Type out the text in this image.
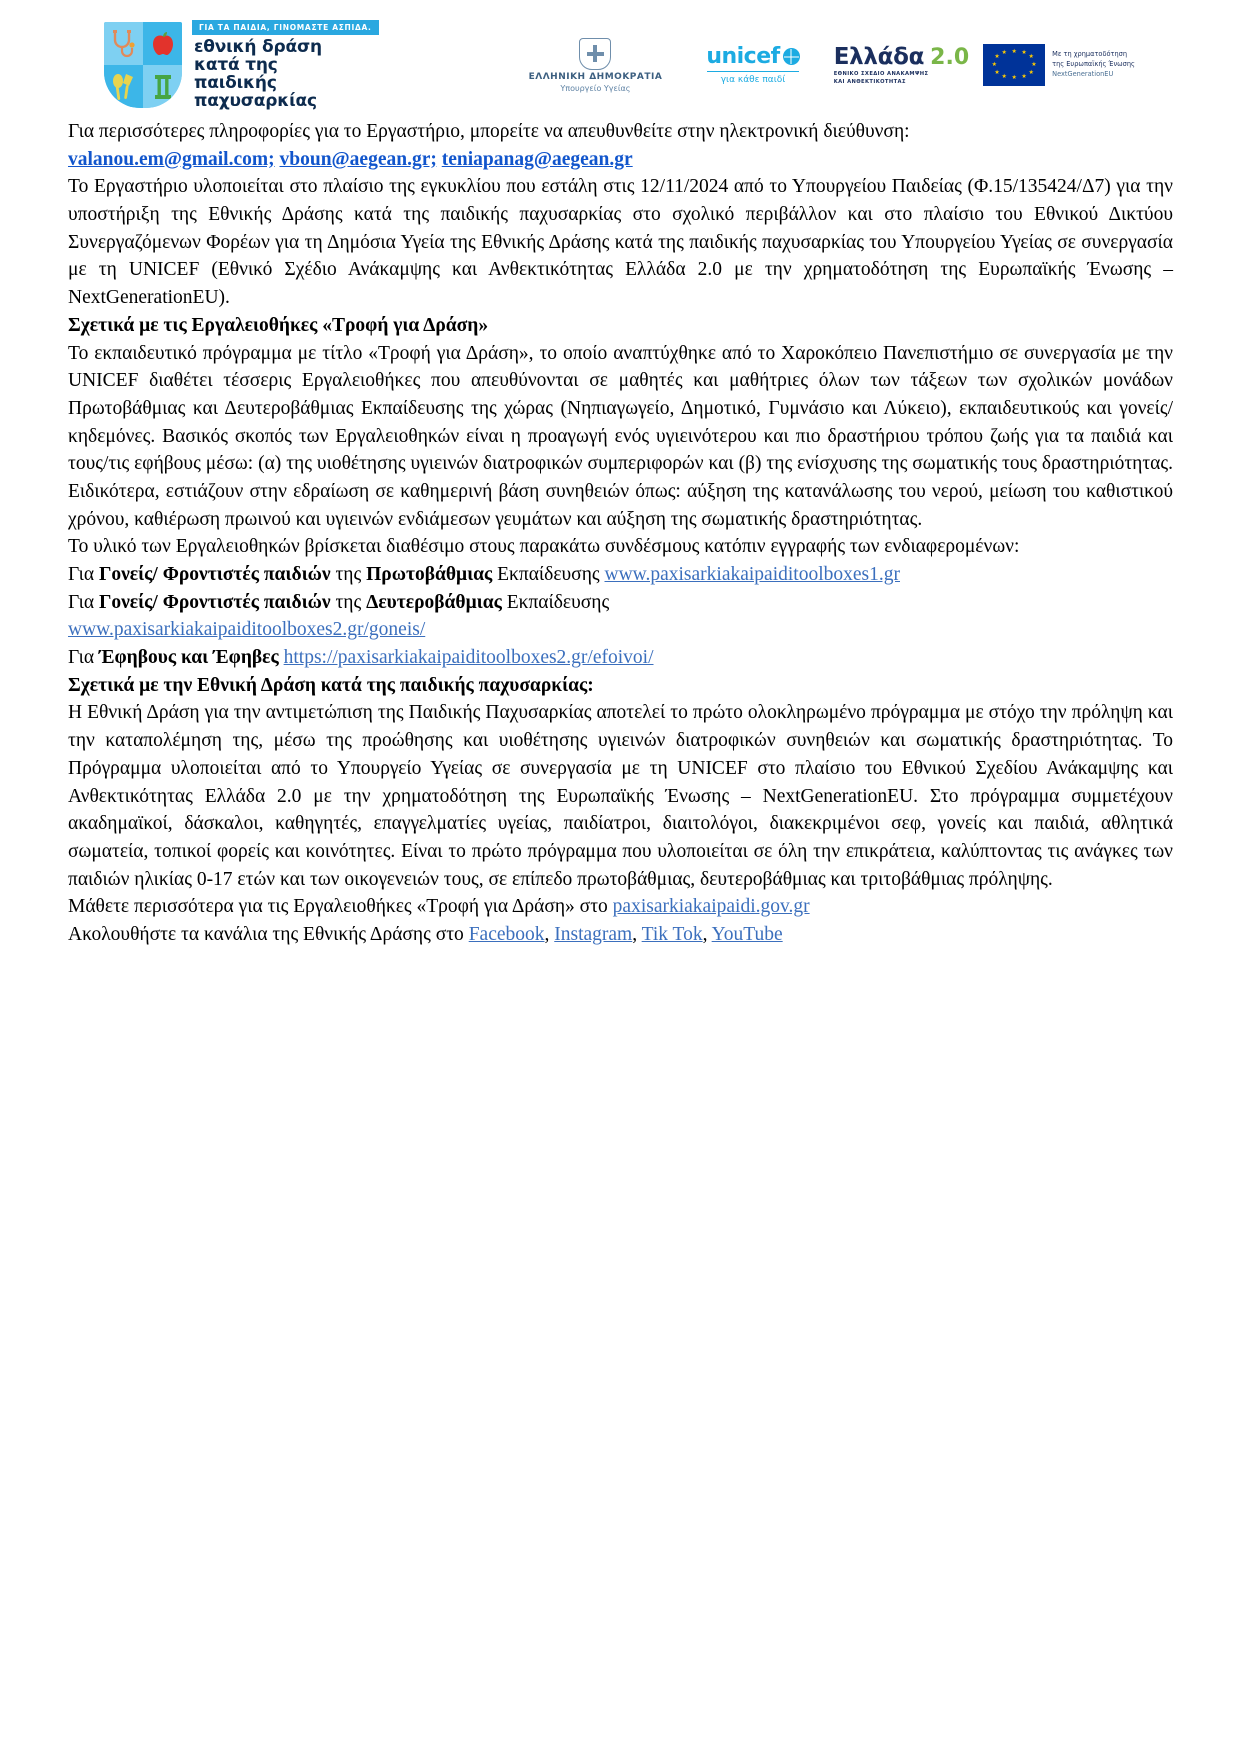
ΓΙΑ ΤΑ ΠΑΙΔΙΑ, ΓΙΝΟΜΑΣΤΕ ΑΣΠΙΔΑ.
εθνική δράση
κατά της
παιδικής
παχυσαρκίας
ΕΛΛΗΝΙΚΗ ΔΗΜΟΚΡΑΤΙΑ
Υπουργείο Υγείας
unicef
για κάθε παιδί
Ελλάδα 2.0
ΕΘΝΙΚΟ ΣΧΕΔΙΟ ΑΝΑΚΑΜΨΗΣ
ΚΑΙ ΑΝΘΕΚΤΙΚΟΤΗΤΑΣ
★ ★
★
★
★
★
★
★
★
★
★
★	Με τη χρηματοδότηση
της Ευρωπαϊκής Ένωσης
NextGenerationEU

Για περισσότερες πληροφορίες για το Εργαστήριο, μπορείτε να απευθυνθείτε στην ηλεκτρονική διεύθυνση:

valanou.em@gmail.com; vboun@aegean.gr; teniapanag@aegean.gr

Το Εργαστήριο υλοποιείται στο πλαίσιο της εγκυκλίου που εστάλη στις 12/11/2024 από το Υπουργείου Παιδείας (Φ.15/135424/Δ7) για την υποστήριξη της Εθνικής Δράσης κατά της παιδικής παχυσαρκίας στο σχολικό περιβάλλον και στο πλαίσιο του Εθνικού Δικτύου Συνεργαζόμενων Φορέων για τη Δημόσια Υγεία της Εθνικής Δράσης κατά της παιδικής παχυσαρκίας του Υπουργείου Υγείας σε συνεργασία με τη UNICEF (Εθνικό Σχέδιο Ανάκαμψης και Ανθεκτικότητας Ελλάδα 2.0 με την χρηματοδότηση της Ευρωπαϊκής Ένωσης – NextGenerationEU).

Σχετικά με τις Εργαλειοθήκες «Τροφή για Δράση»

Το εκπαιδευτικό πρόγραμμα με τίτλο «Τροφή για Δράση», το οποίο αναπτύχθηκε από το Χαροκόπειο Πανεπιστήμιο σε συνεργασία με την UNICEF διαθέτει τέσσερις Εργαλειοθήκες που απευθύνονται σε μαθητές και μαθήτριες όλων των τάξεων των σχολικών μονάδων Πρωτοβάθμιας και Δευτεροβάθμιας Εκπαίδευσης της χώρας (Νηπιαγωγείο, Δημοτικό, Γυμνάσιο και Λύκειο), εκπαιδευτικούς και γονείς/κηδεμόνες. Βασικός σκοπός των Εργαλειοθηκών είναι η προαγωγή ενός υγιεινότερου και πιο δραστήριου τρόπου ζωής για τα παιδιά και τους/τις εφήβους μέσω: (α) της υιοθέτησης υγιεινών διατροφικών συμπεριφορών και (β) της ενίσχυσης της σωματικής τους δραστηριότητας. Ειδικότερα, εστιάζουν στην εδραίωση σε καθημερινή βάση συνηθειών όπως: αύξηση της κατανάλωσης του νερού, μείωση του καθιστικού χρόνου, καθιέρωση πρωινού και υγιεινών ενδιάμεσων γευμάτων και αύξηση της σωματικής δραστηριότητας.

Το υλικό των Εργαλειοθηκών βρίσκεται διαθέσιμο στους παρακάτω συνδέσμους κατόπιν εγγραφής των ενδιαφερομένων:

Για Γονείς/ Φροντιστές παιδιών της Πρωτοβάθμιας Εκπαίδευσης www.paxisarkiakaipaiditoolboxes1.gr

Για Γονείς/ Φροντιστές παιδιών της Δευτεροβάθμιας Εκπαίδευσης

www.paxisarkiakaipaiditoolboxes2.gr/goneis/

Για Έφηβους και Έφηβες https://paxisarkiakaipaiditoolboxes2.gr/efoivoi/

Σχετικά με την Εθνική Δράση κατά της παιδικής παχυσαρκίας:

Η Εθνική Δράση για την αντιμετώπιση της Παιδικής Παχυσαρκίας αποτελεί το πρώτο ολοκληρωμένο πρόγραμμα με στόχο την πρόληψη και την καταπολέμηση της, μέσω της προώθησης και υιοθέτησης υγιεινών διατροφικών συνηθειών και σωματικής δραστηριότητας. Το Πρόγραμμα υλοποιείται από το Υπουργείο Υγείας σε συνεργασία με τη UNICEF στο πλαίσιο του Εθνικού Σχεδίου Ανάκαμψης και Ανθεκτικότητας Ελλάδα 2.0 με την χρηματοδότηση της Ευρωπαϊκής Ένωσης – NextGenerationEU. Στο πρόγραμμα συμμετέχουν ακαδημαϊκοί, δάσκαλοι, καθηγητές, επαγγελματίες υγείας, παιδίατροι, διαιτολόγοι, διακεκριμένοι σεφ, γονείς και παιδιά, αθλητικά σωματεία, τοπικοί φορείς και κοινότητες. Είναι το πρώτο πρόγραμμα που υλοποιείται σε όλη την επικράτεια, καλύπτοντας τις ανάγκες των παιδιών ηλικίας 0-17 ετών και των οικογενειών τους, σε επίπεδο πρωτοβάθμιας, δευτεροβάθμιας και τριτοβάθμιας πρόληψης.

Μάθετε περισσότερα για τις Εργαλειοθήκες «Τροφή για Δράση» στο paxisarkiakaipaidi.gov.gr

Ακολουθήστε τα κανάλια της Εθνικής Δράσης στο Facebook, Instagram, Tik Tok, YouTube
